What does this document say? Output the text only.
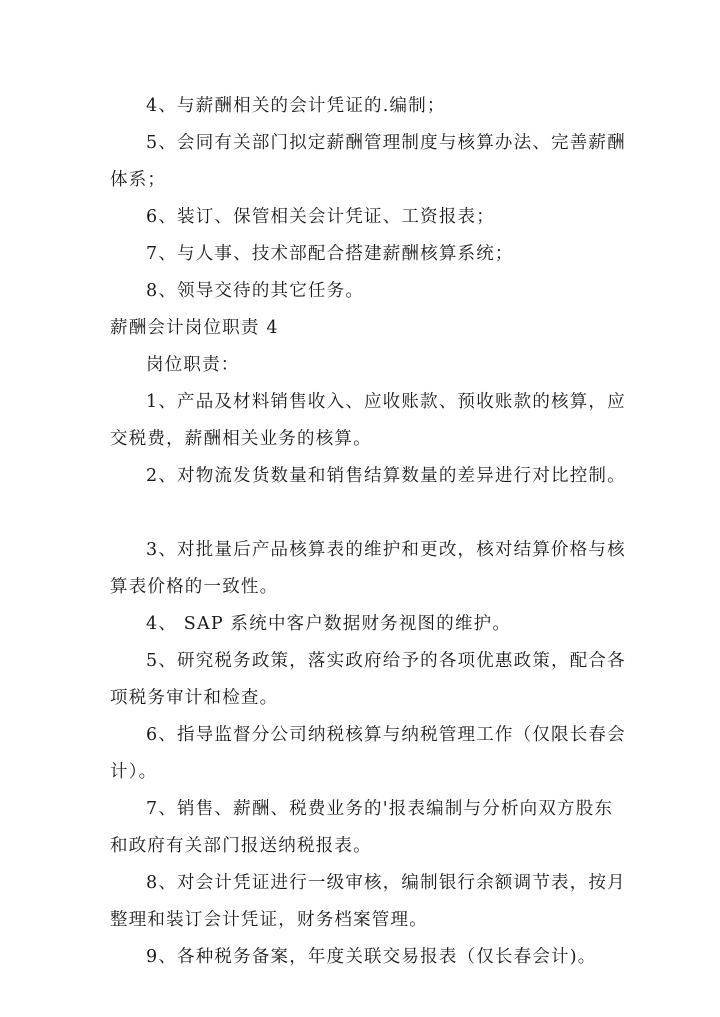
4、与薪酬相关的会计凭证的.编制；

5、会同有关部门拟定薪酬管理制度与核算办法、完善薪酬体系；

6、装订、保管相关会计凭证、工资报表；

7、与人事、技术部配合搭建薪酬核算系统；

8、领导交待的其它任务。

薪酬会计岗位职责 4

岗位职责：

1、产品及材料销售收入、应收账款、预收账款的核算，应交税费，薪酬相关业务的核算。

2、对物流发货数量和销售结算数量的差异进行对比控制。

3、对批量后产品核算表的维护和更改，核对结算价格与核算表价格的一致性。

4、 SAP 系统中客户数据财务视图的维护。

5、研究税务政策，落实政府给予的各项优惠政策，配合各项税务审计和检查。

6、指导监督分公司纳税核算与纳税管理工作（仅限长春会计）。

7、销售、薪酬、税费业务的'报表编制与分析向双方股东和政府有关部门报送纳税报表。

8、对会计凭证进行一级审核，编制银行余额调节表，按月整理和装订会计凭证，财务档案管理。

9、各种税务备案，年度关联交易报表（仅长春会计)。
